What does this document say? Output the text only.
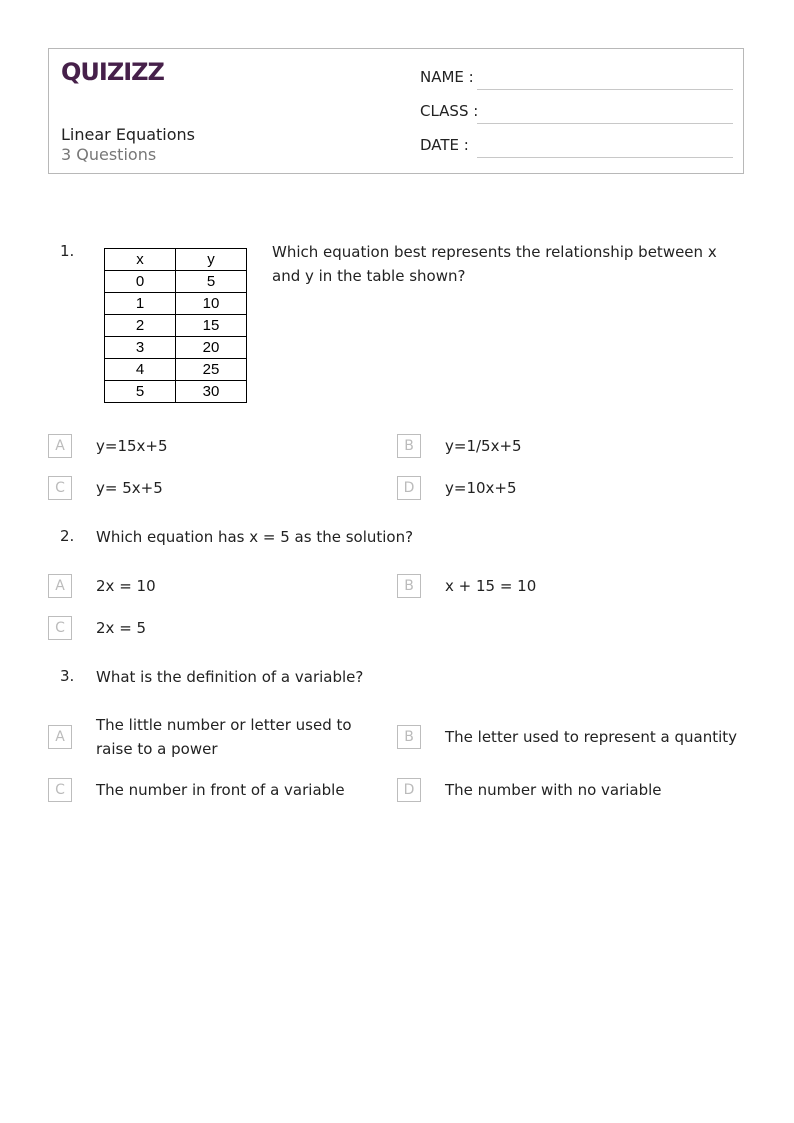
QUIZIZZ
Linear Equations
3 Questions
NAME :
CLASS :
DATE :
1.	x	y
0	5
1	10
2	15
3	20
4	25
5	30
Which equation best represents the relationship between x and y in the table shown?
A	y=15x+5	B	y=1/5x+5
C	y= 5x+5	D	y=10x+5
2. Which equation has x = 5 as the solution?
A	2x = 10	B	x + 15 = 10
C	2x = 5
3. What is the definition of a variable?
A
The little number or letter used to raise to a power
B	The letter used to represent a quantity
C	The number in front of a variable	D	The number with no variable
